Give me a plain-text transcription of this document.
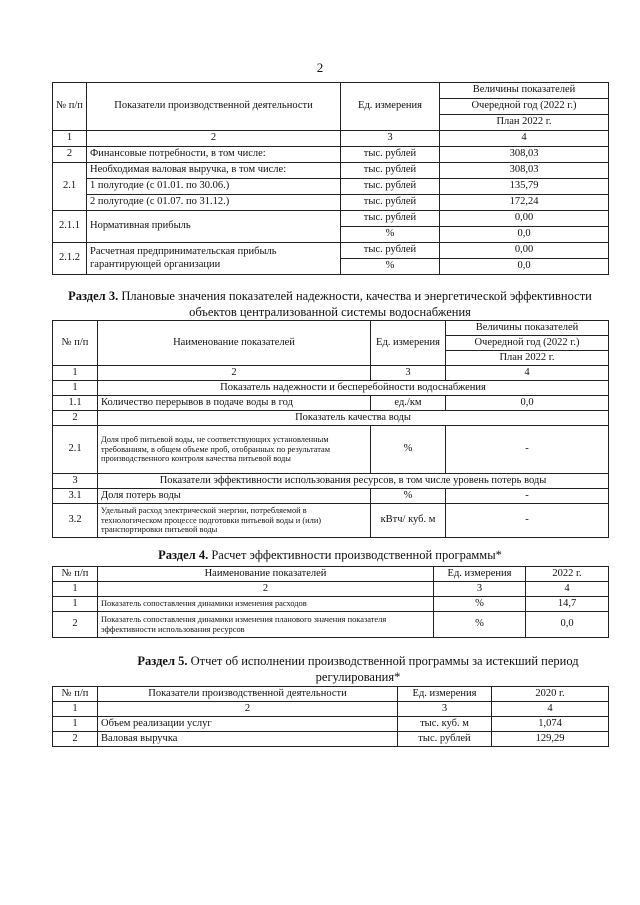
2
№ п/п	Показатели производственной деятельности	Ед. измерения	Величины показателей
			Очередной год (2022 г.)
			План 2022 г.
1	2	3	4
2	Финансовые потребности, в том числе:	тыс. рублей	308,03
2.1	Необходимая валовая выручка, в том числе:	тыс. рублей	308,03
	1 полугодие (с 01.01. по 30.06.)	тыс. рублей	135,79
	2 полугодие (с 01.07. по 31.12.)	тыс. рублей	172,24
2.1.1	Нормативная прибыль	тыс. рублей	0,00
		%	0,0
2.1.2	Расчетная предпринимательская прибыль гарантирующей организации	тыс. рублей	0,00
		%	0,0
Раздел 3. Плановые значения показателей надежности, качества и энергетической эффективности объектов централизованной системы водоснабжения
№ п/п	Наименование показателей	Ед. измерения	Величины показателей
			Очередной год (2022 г.)
			План 2022 г.
1	2	3	4
1	Показатель надежности и бесперебойности водоснабжения		
1.1	Количество перерывов в подаче воды в год	ед./км	0,0
2	Показатель качества воды		
2.1	Доля проб питьевой воды, не соответствующих установленным требованиям, в общем объеме проб, отобранных по результатам производственного контроля качества питьевой воды	%	-
3	Показатели эффективности использования ресурсов, в том числе уровень потерь воды		
3.1	Доля потерь воды	%	-
3.2	Удельный расход электрической энергии, потребляемой в технологическом процессе подготовки питьевой воды и (или) транспортировки питьевой воды	кВтч/ куб. м	-
Раздел 4. Расчет эффективности производственной программы*
№ п/п	Наименование показателей	Ед. измерения	2022 г.
1	2	3	4
1	Показатель сопоставления динамики изменения расходов	%	14,7
2	Показатель сопоставления динамики изменения планового значения показателя эффективности использования ресурсов	%	0,0
Раздел 5. Отчет об исполнении производственной программы за истекший период регулирования*
№ п/п	Показатели производственной деятельности	Ед. измерения	2020 г.
1	2	3	4
1	Объем реализации услуг	тыс. куб. м	1,074
2	Валовая выручка	тыс. рублей	129,29
